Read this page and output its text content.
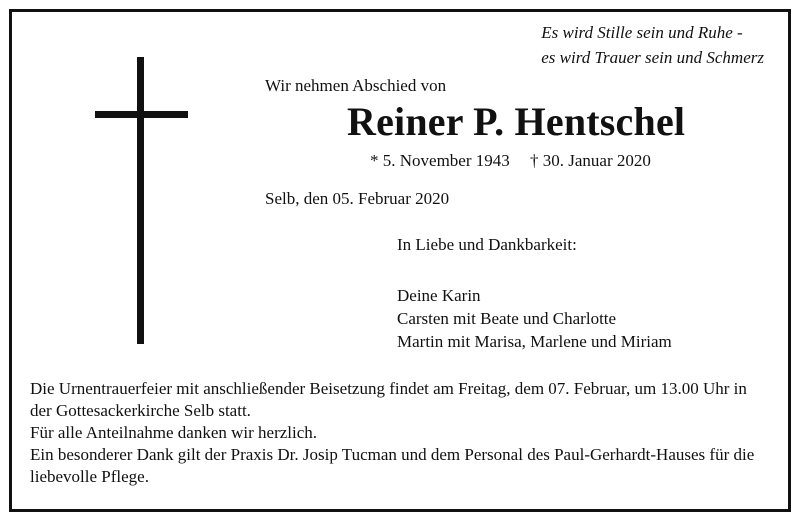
Es wird Stille sein und Ruhe -
es wird Trauer sein und Schmerz
Wir nehmen Abschied von
Reiner P. Hentschel
* 5. November 1943 † 30. Januar 2020
Selb, den 05. Februar 2020
In Liebe und Dankbarkeit:
Deine Karin
Carsten mit Beate und Charlotte
Martin mit Marisa, Marlene und Miriam

Die Urnentrauerfeier mit anschließender Beisetzung findet am Freitag, dem 07. Februar, um 13.00 Uhr in der Gottesackerkirche Selb statt.

Für alle Anteilnahme danken wir herzlich.

Ein besonderer Dank gilt der Praxis Dr. Josip Tucman und dem Personal des Paul-Gerhardt-Hauses für die liebevolle Pflege.
